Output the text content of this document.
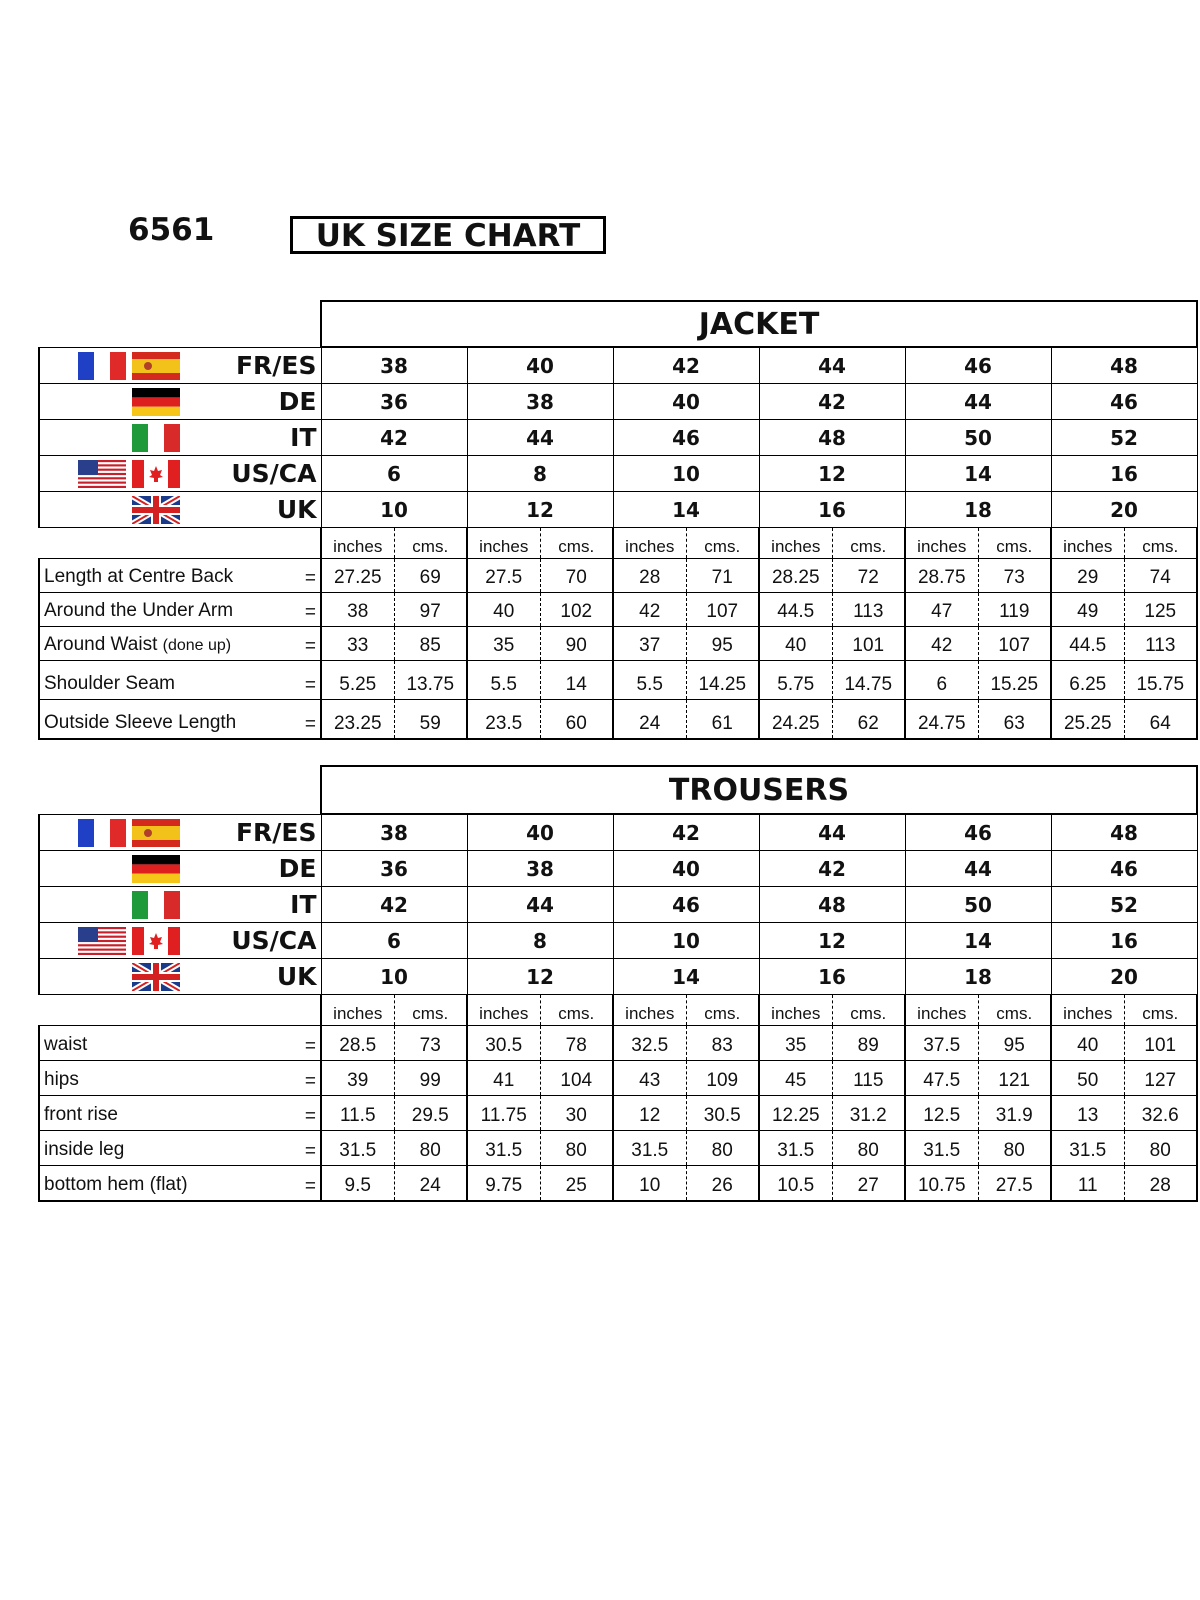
6561	UK SIZE CHART
	JACKET											

FR/ES	38		40		42		44		46		48	

DE	36		38		40		42		44		46	

IT	42		44		46		48		50		52	

US/CA	6		8		10		12		14		16	

UK	10		12		14		16		18		20	
	inches	cms.	inches	cms.	inches	cms.	inches	cms.	inches	cms.	inches	cms.

Length at Centre Back =	27.25	69	27.5	70	28	71	28.25	72	28.75	73	29	74

Around the Under Arm =	38	97	40	102	42	107	44.5	113	47	119	49	125

Around Waist (done up) =	33	85	35	90	37	95	40	101	42	107	44.5	113

Shoulder Seam =	5.25	13.75	5.5	14	5.5	14.25	5.75	14.75	6	15.25	6.25	15.75

Outside Sleeve Length =	23.25	59	23.5	60	24	61	24.25	62	24.75	63	25.25	64
	TROUSERS											

FR/ES	38		40		42		44		46		48	

DE	36		38		40		42		44		46	

IT	42		44		46		48		50		52	

US/CA	6		8		10		12		14		16	

UK	10		12		14		16		18		20	
	inches	cms.	inches	cms.	inches	cms.	inches	cms.	inches	cms.	inches	cms.

waist =	28.5	73	30.5	78	32.5	83	35	89	37.5	95	40	101

hips =	39	99	41	104	43	109	45	115	47.5	121	50	127

front rise =	11.5	29.5	11.75	30	12	30.5	12.25	31.2	12.5	31.9	13	32.6

inside leg =	31.5	80	31.5	80	31.5	80	31.5	80	31.5	80	31.5	80

bottom hem (flat) =	9.5	24	9.75	25	10	26	10.5	27	10.75	27.5	11	28
